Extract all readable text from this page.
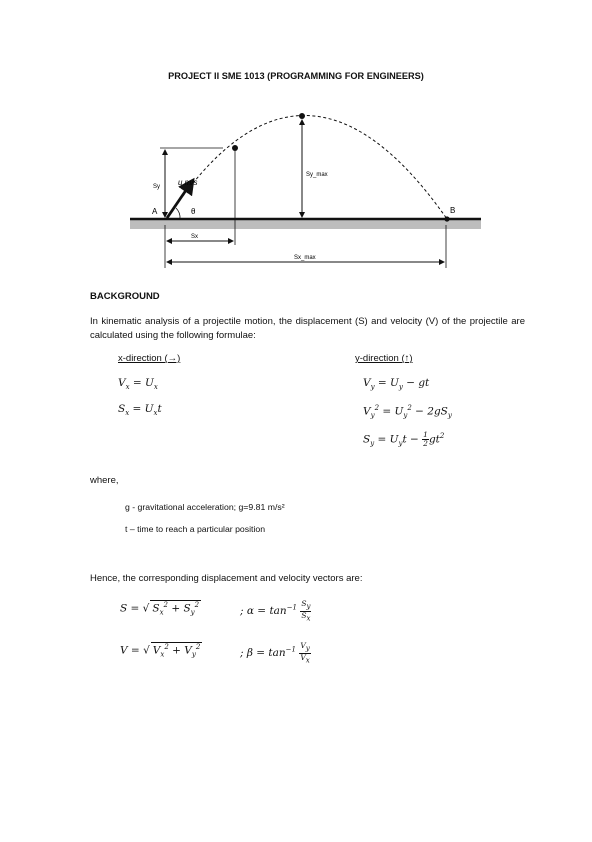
PROJECT II SME 1013 (PROGRAMMING FOR ENGINEERS)
A	B
Sy u m/s
θ
Sy_max
Sx
Sx_max
BACKGROUND
In kinematic analysis of a projectile motion, the displacement (S) and velocity (V) of the projectile are calculated using the following formulae:
x-direction (→)
$V_x = U_x$
$S_x = U_xt$
y-direction (↑)
$V_y = U_y$ − gt
$V_y^2 = U_y^2 - 2gS_y$
$S_y = U_yt - \frac{1}{2} gt^2$
where,
g - gravitational acceleration; g=9.81 m/s²
t – time to reach a particular position
Hence, the corresponding displacement and velocity vectors are:
S = √ $S_x^2 + S_y^2$	; $\alpha = \tan^{-1} \frac{S_y}{S_x}$
V = √ $V_x^2 + V_y^2$	; $\beta = \tan^{-1} \frac{V_y}{V_x}$
